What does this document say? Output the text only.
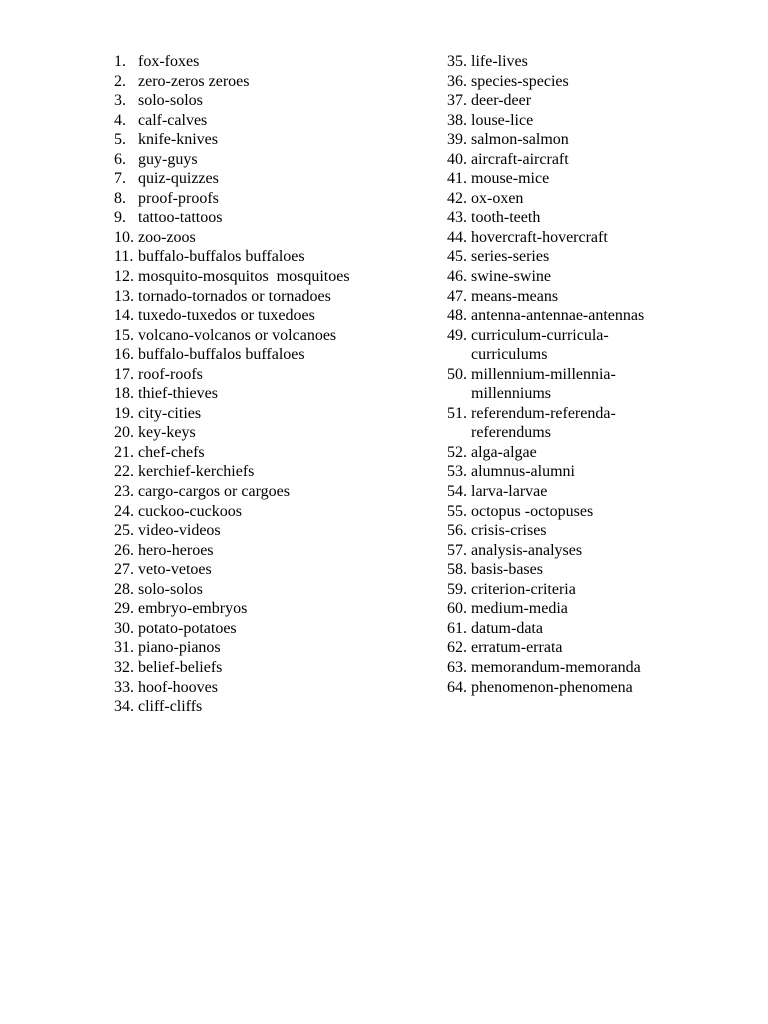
1. fox-foxes
2. zero-zeros zeroes
3. solo-solos
4. calf-calves
5. knife-knives
6. guy-guys
7. quiz-quizzes
8. proof-proofs
9. tattoo-tattoos
10. zoo-zoos
11. buffalo-buffalos buffaloes
12. mosquito-mosquitos  mosquitoes
13. tornado-tornados or tornadoes
14. tuxedo-tuxedos or tuxedoes
15. volcano-volcanos or volcanoes
16. buffalo-buffalos buffaloes
17. roof-roofs
18. thief-thieves
19. city-cities
20. key-keys
21. chef-chefs
22. kerchief-kerchiefs
23. cargo-cargos or cargoes
24. cuckoo-cuckoos
25. video-videos
26. hero-heroes
27. veto-vetoes
28. solo-solos
29. embryo-embryos
30. potato-potatoes
31. piano-pianos
32. belief-beliefs
33. hoof-hooves
34. cliff-cliffs
35. life-lives
36. species-species
37. deer-deer
38. louse-lice
39. salmon-salmon
40. aircraft-aircraft
41. mouse-mice
42. ox-oxen
43. tooth-teeth
44. hovercraft-hovercraft
45. series-series
46. swine-swine
47. means-means
48. antenna-antennae-antennas
49. curriculum-curricula-
curriculums
50. millennium-millennia-
millenniums
51. referendum-referenda-
referendums
52. alga-algae
53. alumnus-alumni
54. larva-larvae
55. octopus -octopuses
56. crisis-crises
57. analysis-analyses
58. basis-bases
59. criterion-criteria
60. medium-media
61. datum-data
62. erratum-errata
63. memorandum-memoranda
64. phenomenon-phenomena
